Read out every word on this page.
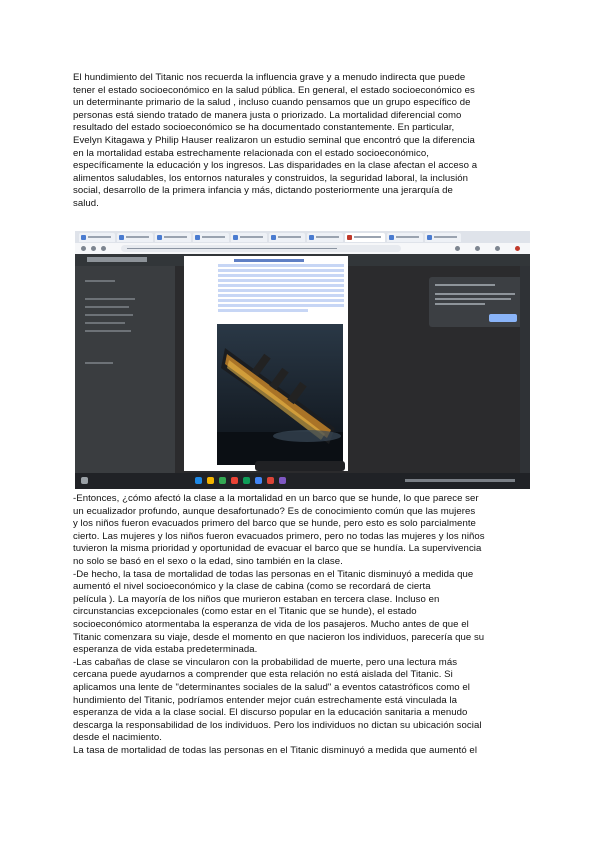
El hundimiento del Titanic nos recuerda la influencia grave y a menudo indirecta que puede
tener el estado socioeconómico en la salud pública. En general, el estado socioeconómico es
un determinante primario de la salud , incluso cuando pensamos que un grupo específico de
personas está siendo tratado de manera justa o priorizado. La mortalidad diferencial como
resultado del estado socioeconómico se ha documentado constantemente. En particular,
Evelyn Kitagawa y Philip Hauser realizaron un estudio seminal que encontró que la diferencia
en la mortalidad estaba estrechamente relacionada con el estado socioeconómico,
específicamente la educación y los ingresos. Las disparidades en la clase afectan el acceso a
alimentos saludables, los entornos naturales y construidos, la seguridad laboral, la inclusión
social, desarrollo de la primera infancia y más, dictando posteriormente una jerarquía de
salud.
-Entonces, ¿cómo afectó la clase a la mortalidad en un barco que se hunde, lo que parece ser
un ecualizador profundo, aunque desafortunado? Es de conocimiento común que las mujeres
y los niños fueron evacuados primero del barco que se hunde, pero esto es solo parcialmente
cierto. Las mujeres y los niños fueron evacuados primero, pero no todas las mujeres y los niños
tuvieron la misma prioridad y oportunidad de evacuar el barco que se hundía. La supervivencia
no solo se basó en el sexo o la edad, sino también en la clase.
-De hecho, la tasa de mortalidad de todas las personas en el Titanic disminuyó a medida que
aumentó el nivel socioeconómico y la clase de cabina (como se recordará de cierta
película ). La mayoría de los niños que murieron estaban en tercera clase. Incluso en
circunstancias excepcionales (como estar en el Titanic que se hunde), el estado
socioeconómico atormentaba la esperanza de vida de los pasajeros. Mucho antes de que el
Titanic comenzara su viaje, desde el momento en que nacieron los individuos, parecería que su
esperanza de vida estaba predeterminada.
-Las cabañas de clase se vincularon con la probabilidad de muerte, pero una lectura más
cercana puede ayudarnos a comprender que esta relación no está aislada del Titanic. Si
aplicamos una lente de "determinantes sociales de la salud" a eventos catastróficos como el
hundimiento del Titanic, podríamos entender mejor cuán estrechamente está vinculada la
esperanza de vida a la clase social. El discurso popular en la educación sanitaria a menudo
descarga la responsabilidad de los individuos. Pero los individuos no dictan su ubicación social
desde el nacimiento.
La tasa de mortalidad de todas las personas en el Titanic disminuyó a medida que aumentó el
